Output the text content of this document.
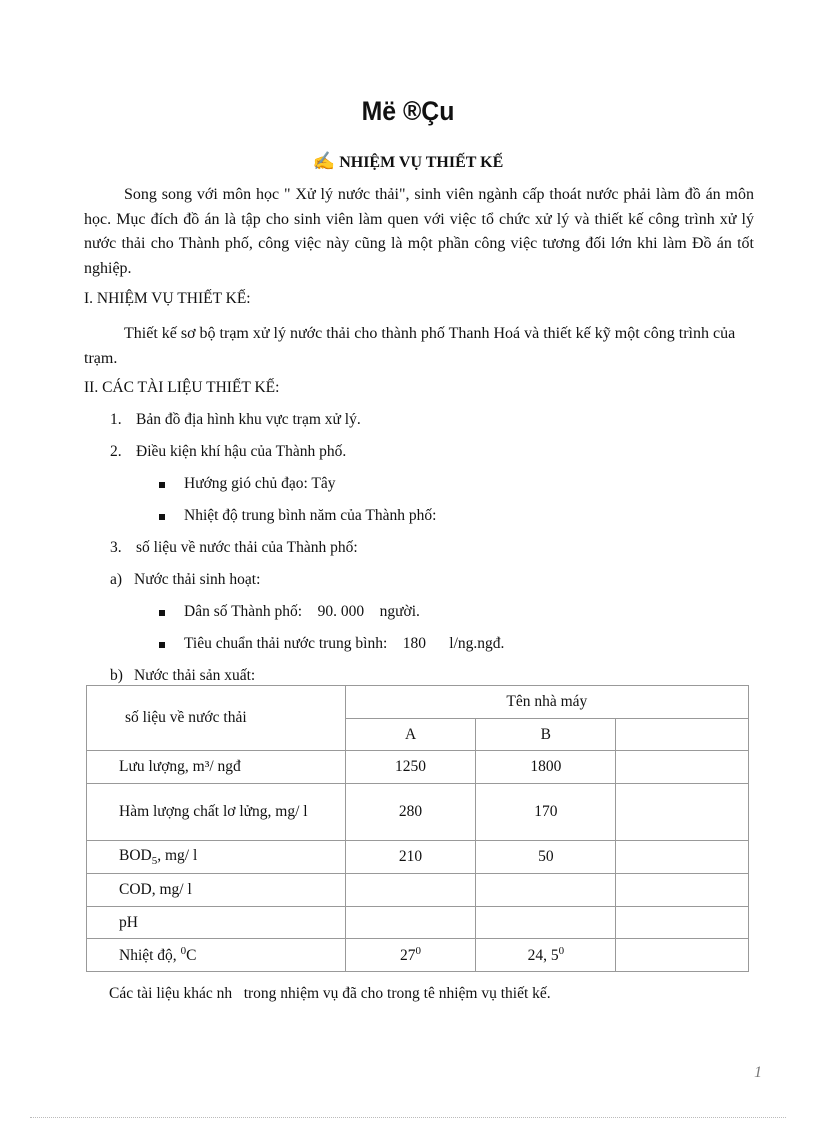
Më ®Çu
✍ NHIỆM VỤ THIẾT KẾ
Song song với môn học " Xử lý nước thải", sinh viên ngành cấp thoát nước phải làm đồ án môn học. Mục đích đồ án là tập cho sinh viên làm quen với việc tổ chức xử lý và thiết kế công trình xử lý nước thải cho Thành phố, công việc này cũng là một phần công việc tương đối lớn khi làm Đồ án tốt nghiệp.
I. NHIỆM VỤ THIẾT KẾ:
Thiết kế sơ bộ trạm xử lý nước thải cho thành phố Thanh Hoá và thiết kế kỹ một công trình của trạm.
II. CÁC TÀI LIỆU THIẾT KẾ:
1. Bản đồ địa hình khu vực trạm xử lý.
2. Điều kiện khí hậu của Thành phố.
Hướng gió chủ đạo: Tây
Nhiệt độ trung bình năm của Thành phố:
3. số liệu về nước thải của Thành phố:
a) Nước thải sinh hoạt:
Dân số Thành phố:    90. 000    người.
Tiêu chuẩn thải nước trung bình:    180      l/ng.ngđ.
b) Nước thải sản xuất:
số liệu về nước thải	Tên nhà máy		
	A	B	
Lưu lượng, m³/ ngđ	1250	1800	

Hàm lượng chất lơ lửng, mg/ l	280	170	
$BOD_5$, mg/ l	210	50	
COD, mg/ l			
pH			
Nhiệt độ, $^0$C	$27^0$	24, $5^0$	
Các tài liệu khác nh   trong nhiệm vụ đã cho trong tê nhiệm vụ thiết kế.
1
